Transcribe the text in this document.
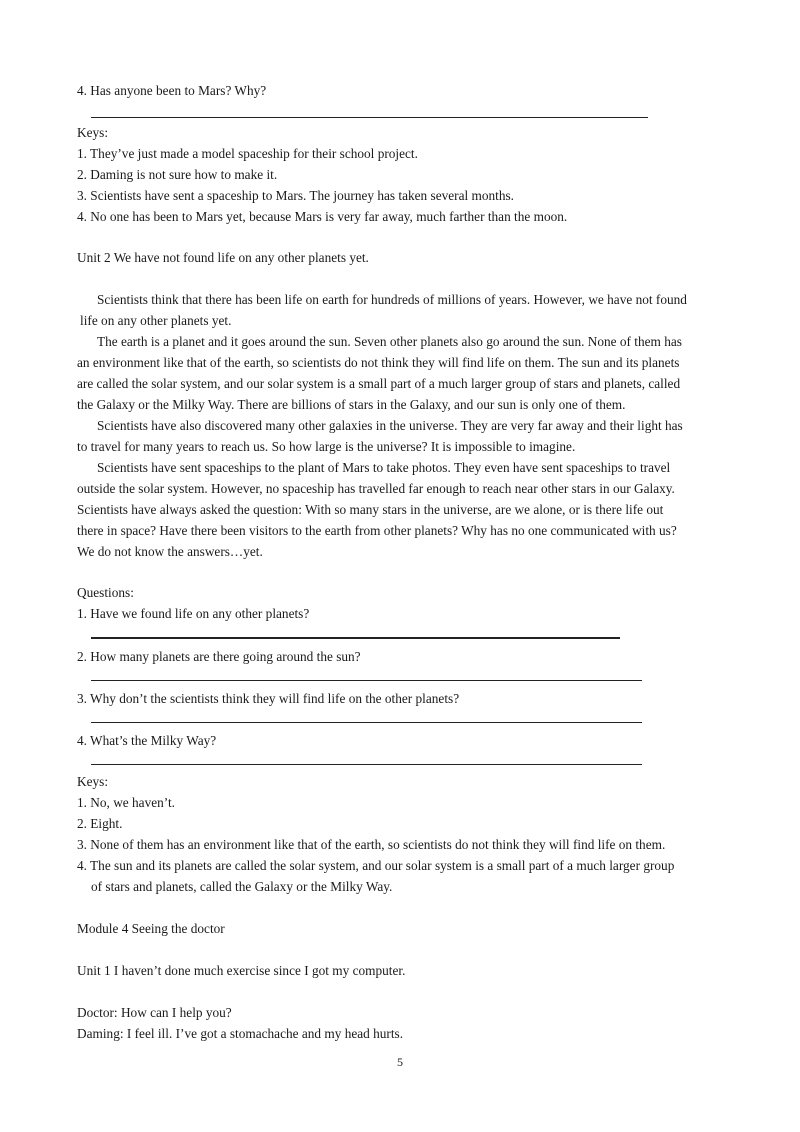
4. Has anyone been to Mars? Why?
Keys:
1. They’ve just made a model spaceship for their school project.
2. Daming is not sure how to make it.
3. Scientists have sent a spaceship to Mars. The journey has taken several months.
4. No one has been to Mars yet, because Mars is very far away, much farther than the moon.
Unit 2 We have not found life on any other planets yet.
Scientists think that there has been life on earth for hundreds of millions of years. However, we have not found
life on any other planets yet.
The earth is a planet and it goes around the sun. Seven other planets also go around the sun. None of them has
an environment like that of the earth, so scientists do not think they will find life on them. The sun and its planets
are called the solar system, and our solar system is a small part of a much larger group of stars and planets, called
the Galaxy or the Milky Way. There are billions of stars in the Galaxy, and our sun is only one of them.
Scientists have also discovered many other galaxies in the universe. They are very far away and their light has
to travel for many years to reach us. So how large is the universe? It is impossible to imagine.
Scientists have sent spaceships to the plant of Mars to take photos. They even have sent spaceships to travel
outside the solar system. However, no spaceship has travelled far enough to reach near other stars in our Galaxy.
Scientists have always asked the question: With so many stars in the universe, are we alone, or is there life out
there in space? Have there been visitors to the earth from other planets? Why has no one communicated with us?
We do not know the answers…yet.
Questions:
1. Have we found life on any other planets?
2. How many planets are there going around the sun?
3. Why don’t the scientists think they will find life on the other planets?
4. What’s the Milky Way?
Keys:
1. No, we haven’t.
2. Eight.
3. None of them has an environment like that of the earth, so scientists do not think they will find life on them.
4. The sun and its planets are called the solar system, and our solar system is a small part of a much larger group
of stars and planets, called the Galaxy or the Milky Way.
Module 4 Seeing the doctor
Unit 1 I haven’t done much exercise since I got my computer.
Doctor: How can I help you?
Daming: I feel ill. I’ve got a stomachache and my head hurts.
5
